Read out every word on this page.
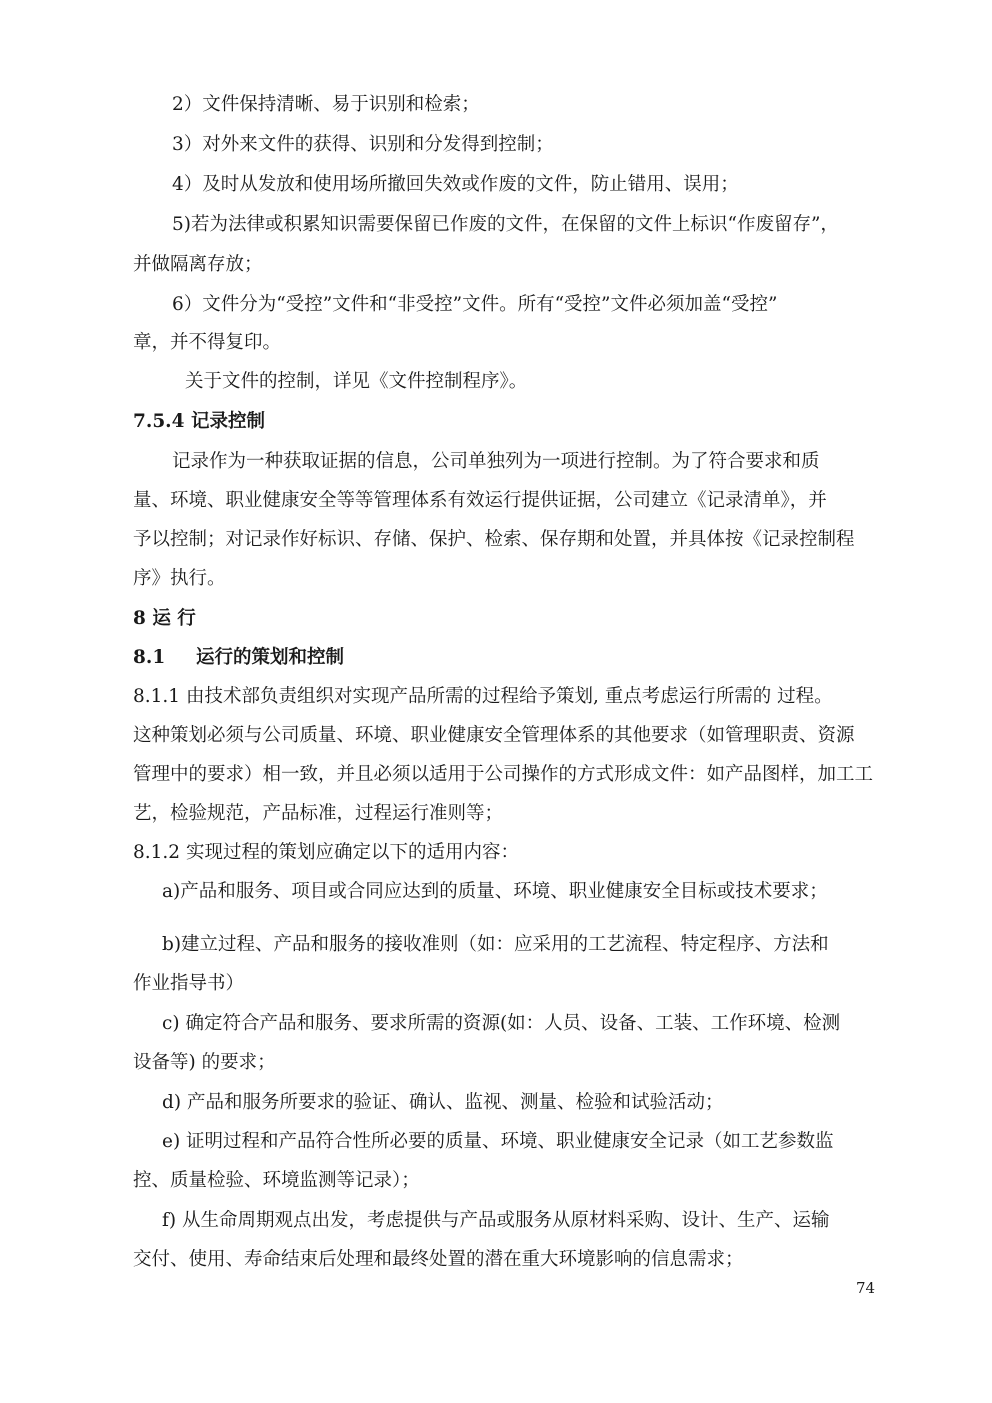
2）文件保持清晰、易于识别和检索；
3）对外来文件的获得、识别和分发得到控制；
4）及时从发放和使用场所撤回失效或作废的文件，防止错用、误用；
5)若为法律或积累知识需要保留已作废的文件，在保留的文件上标识“作废留存”，
并做隔离存放；
6）文件分为“受控”文件和“非受控”文件。所有“受控”文件必须加盖“受控”
章，并不得复印。
关于文件的控制，详见《文件控制程序》。
7.5.4 记录控制
记录作为一种获取证据的信息，公司单独列为一项进行控制。为了符合要求和质
量、环境、职业健康安全等等管理体系有效运行提供证据，公司建立《记录清单》，并
予以控制；对记录作好标识、存储、保护、检索、保存期和处置，并具体按《记录控制程
序》执行。
8 运 行
8.1 运行的策划和控制
8.1.1 由技术部负责组织对实现产品所需的过程给予策划, 重点考虑运行所需的 过程。
这种策划必须与公司质量、环境、职业健康安全管理体系的其他要求（如管理职责、资源
管理中的要求）相一致，并且必须以适用于公司操作的方式形成文件：如产品图样，加工工
艺，检验规范，产品标准，过程运行准则等；
8.1.2 实现过程的策划应确定以下的适用内容：
a)产品和服务、项目或合同应达到的质量、环境、职业健康安全目标或技术要求；
b)建立过程、产品和服务的接收准则（如：应采用的工艺流程、特定程序、方法和
作业指导书）
c) 确定符合产品和服务、要求所需的资源(如：人员、设备、工装、工作环境、检测
设备等) 的要求；
d) 产品和服务所要求的验证、确认、监视、测量、检验和试验活动；
e) 证明过程和产品符合性所必要的质量、环境、职业健康安全记录（如工艺参数监
控、质量检验、环境监测等记录）；
f) 从生命周期观点出发，考虑提供与产品或服务从原材料采购、设计、生产、运输
交付、使用、寿命结束后处理和最终处置的潜在重大环境影响的信息需求；
74
